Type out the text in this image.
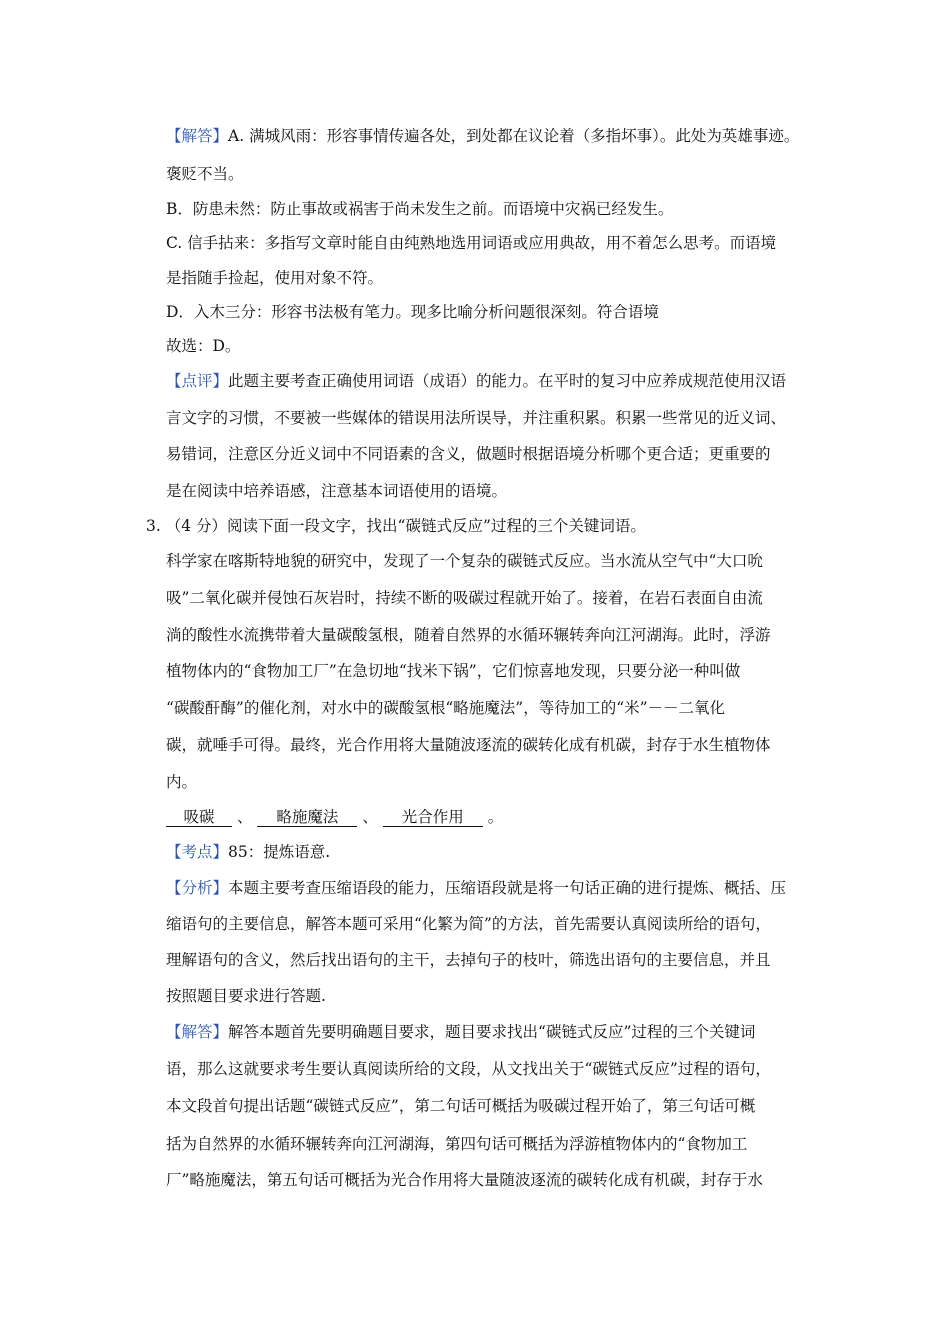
【解答】A. 满城风雨：形容事情传遍各处，到处都在议论着（多指坏事）。此处为英雄事迹。
褒贬不当。
B．防患未然：防止事故或祸害于尚未发生之前。而语境中灾祸已经发生。
C. 信手拈来：多指写文章时能自由纯熟地选用词语或应用典故，用不着怎么思考。而语境
是指随手捡起，使用对象不符。
D．入木三分：形容书法极有笔力。现多比喻分析问题很深刻。符合语境
故选：D。
【点评】此题主要考查正确使用词语（成语）的能力。在平时的复习中应养成规范使用汉语
言文字的习惯，不要被一些媒体的错误用法所误导，并注重积累。积累一些常见的近义词、
易错词，注意区分近义词中不同语素的含义，做题时根据语境分析哪个更合适；更重要的
是在阅读中培养语感，注意基本词语使用的语境。
3. （4 分）阅读下面一段文字，找出“碳链式反应”过程的三个关键词语。
科学家在喀斯特地貌的研究中，发现了一个复杂的碳链式反应。当水流从空气中“大口吮
吸”二氧化碳并侵蚀石灰岩时，持续不断的吸碳过程就开始了。接着，在岩石表面自由流
淌的酸性水流携带着大量碳酸氢根，随着自然界的水循环辗转奔向江河湖海。此时，浮游
植物体内的“食物加工厂”在急切地“找米下锅”，它们惊喜地发现，只要分泌一种叫做
“碳酸酐酶”的催化剂，对水中的碳酸氢根“略施魔法”，等待加工的“米”－－二氧化
碳，就唾手可得。最终，光合作用将大量随波逐流的碳转化成有机碳，封存于水生植物体
内。
吸碳 、 略施魔法 、 光合作用 。
【考点】85：提炼语意.
【分析】本题主要考查压缩语段的能力，压缩语段就是将一句话正确的进行提炼、概括、压
缩语句的主要信息，解答本题可采用“化繁为简”的方法，首先需要认真阅读所给的语句，
理解语句的含义，然后找出语句的主干，去掉句子的枝叶，筛选出语句的主要信息，并且
按照题目要求进行答题.
【解答】解答本题首先要明确题目要求，题目要求找出“碳链式反应”过程的三个关键词
语，那么这就要求考生要认真阅读所给的文段，从文找出关于“碳链式反应”过程的语句，
本文段首句提出话题“碳链式反应”，第二句话可概括为吸碳过程开始了，第三句话可概
括为自然界的水循环辗转奔向江河湖海，第四句话可概括为浮游植物体内的“食物加工
厂”略施魔法，第五句话可概括为光合作用将大量随波逐流的碳转化成有机碳，封存于水
